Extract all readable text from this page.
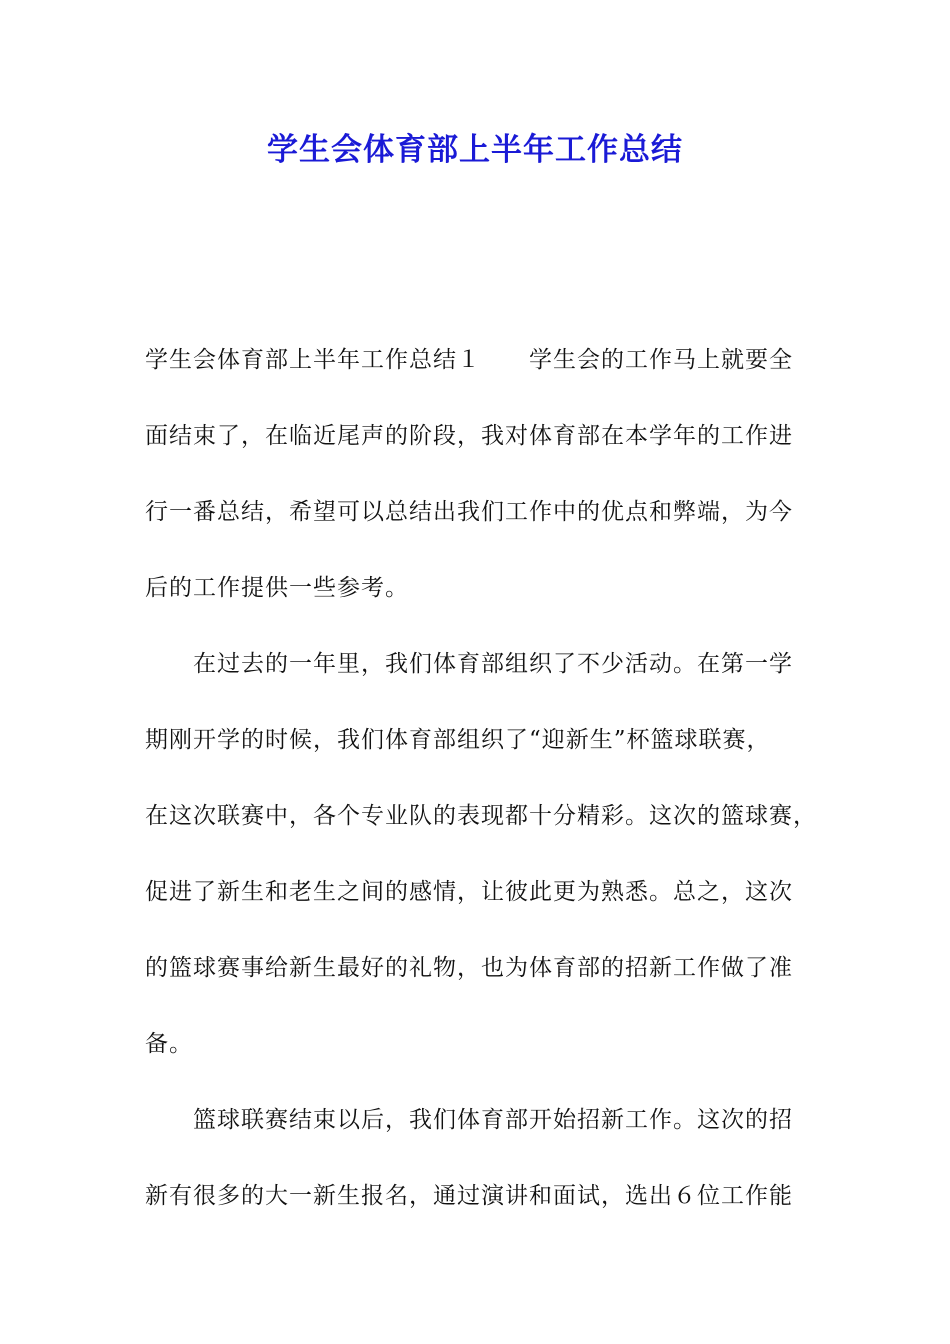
学生会体育部上半年工作总结
学生会体育部上半年工作总结１　　学生会的工作马上就要全
面结束了，在临近尾声的阶段，我对体育部在本学年的工作进
行一番总结，希望可以总结出我们工作中的优点和弊端，为今
后的工作提供一些参考。
在过去的一年里，我们体育部组织了不少活动。在第一学
期刚开学的时候，我们体育部组织了“迎新生”杯篮球联赛，
在这次联赛中，各个专业队的表现都十分精彩。这次的篮球赛，
促进了新生和老生之间的感情，让彼此更为熟悉。总之，这次
的篮球赛事给新生最好的礼物，也为体育部的招新工作做了准
备。
篮球联赛结束以后，我们体育部开始招新工作。这次的招
新有很多的大一新生报名，通过演讲和面试，选出６位工作能
